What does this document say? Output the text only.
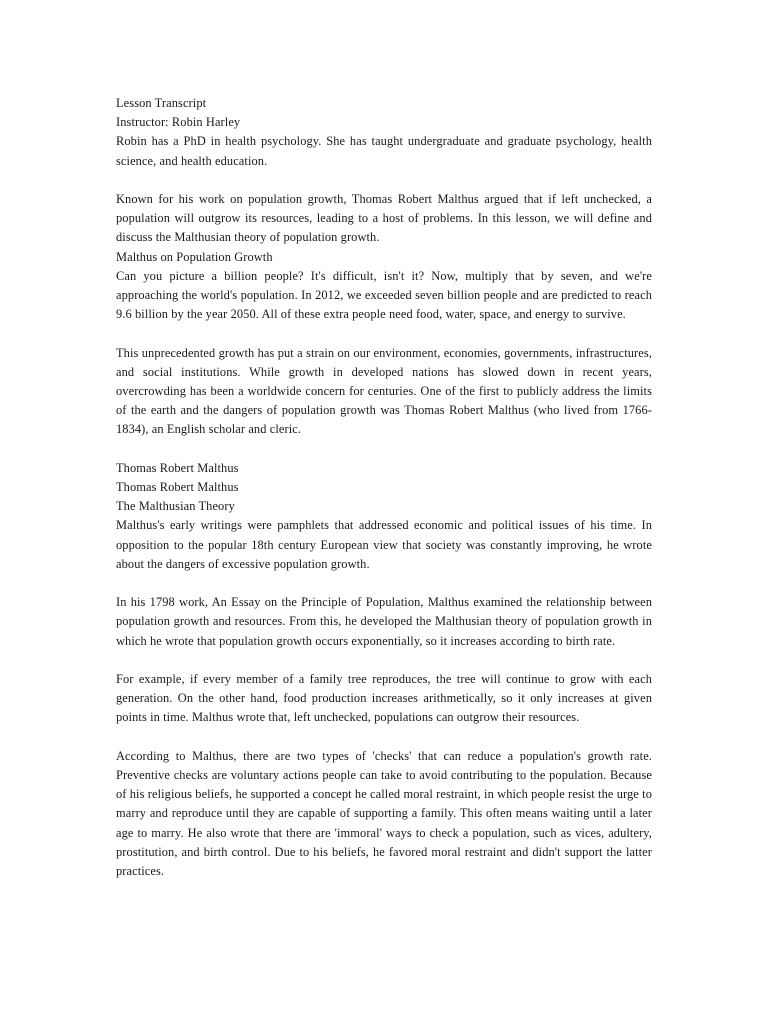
Lesson Transcript

Instructor: Robin Harley

Robin has a PhD in health psychology. She has taught undergraduate and graduate psychology, health science, and health education.

Known for his work on population growth, Thomas Robert Malthus argued that if left unchecked, a population will outgrow its resources, leading to a host of problems. In this lesson, we will define and discuss the Malthusian theory of population growth.

Malthus on Population Growth

Can you picture a billion people? It's difficult, isn't it? Now, multiply that by seven, and we're approaching the world's population. In 2012, we exceeded seven billion people and are predicted to reach 9.6 billion by the year 2050. All of these extra people need food, water, space, and energy to survive.

This unprecedented growth has put a strain on our environment, economies, governments, infrastructures, and social institutions. While growth in developed nations has slowed down in recent years, overcrowding has been a worldwide concern for centuries. One of the first to publicly address the limits of the earth and the dangers of population growth was Thomas Robert Malthus (who lived from 1766-1834), an English scholar and cleric.

Thomas Robert Malthus

Thomas Robert Malthus

The Malthusian Theory

Malthus's early writings were pamphlets that addressed economic and political issues of his time. In opposition to the popular 18th century European view that society was constantly improving, he wrote about the dangers of excessive population growth.

In his 1798 work, An Essay on the Principle of Population, Malthus examined the relationship between population growth and resources. From this, he developed the Malthusian theory of population growth in which he wrote that population growth occurs exponentially, so it increases according to birth rate.

For example, if every member of a family tree reproduces, the tree will continue to grow with each generation. On the other hand, food production increases arithmetically, so it only increases at given points in time. Malthus wrote that, left unchecked, populations can outgrow their resources.

According to Malthus, there are two types of 'checks' that can reduce a population's growth rate. Preventive checks are voluntary actions people can take to avoid contributing to the population. Because of his religious beliefs, he supported a concept he called moral restraint, in which people resist the urge to marry and reproduce until they are capable of supporting a family. This often means waiting until a later age to marry. He also wrote that there are 'immoral' ways to check a population, such as vices, adultery, prostitution, and birth control. Due to his beliefs, he favored moral restraint and didn't support the latter practices.
